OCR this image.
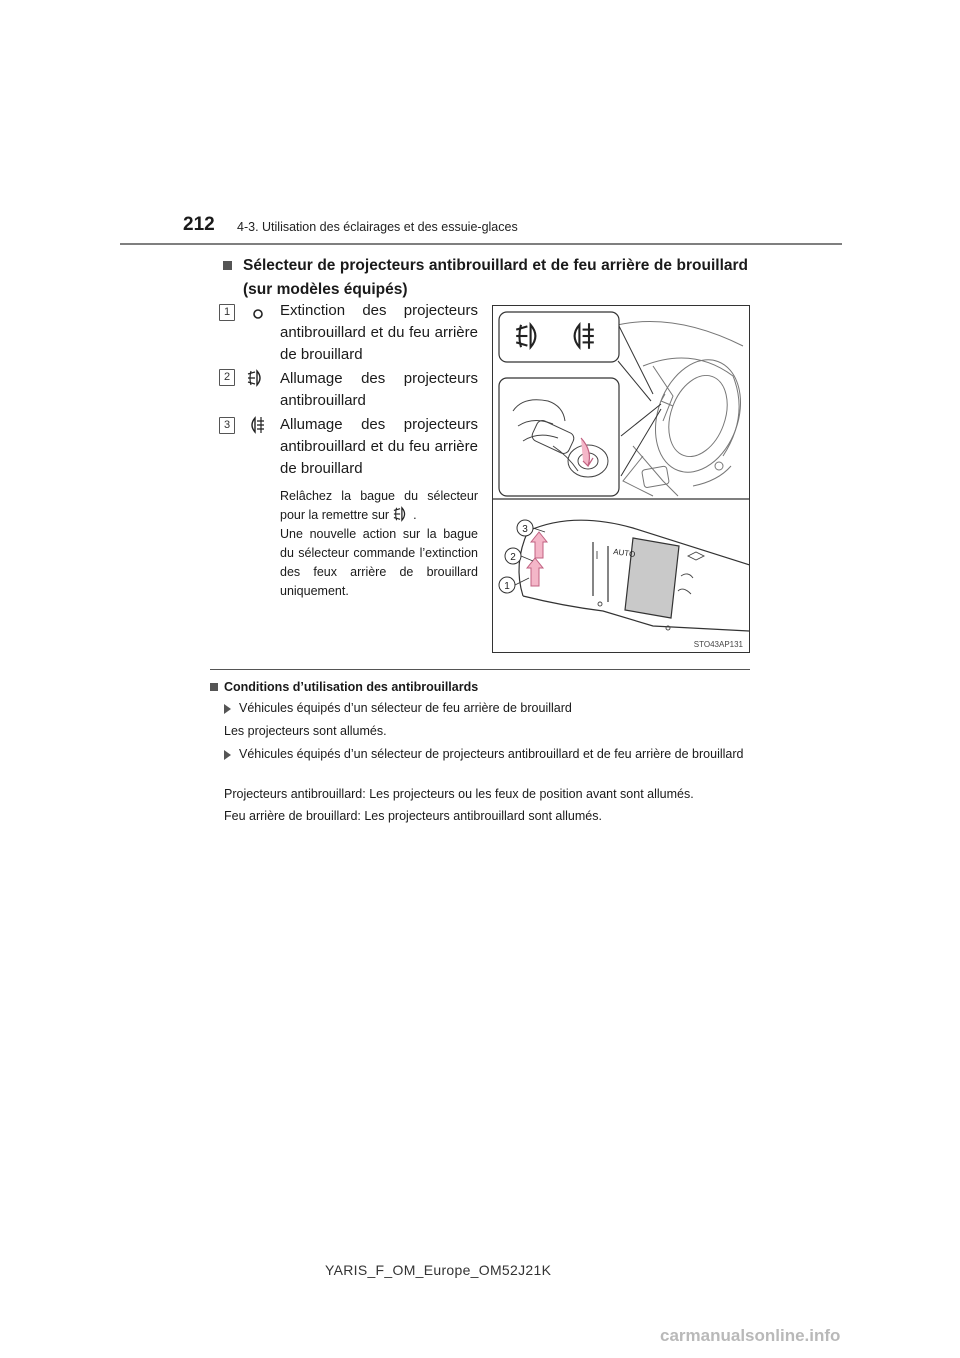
212 4-3. Utilisation des éclairages et des essuie-glaces
Sélecteur de projecteurs antibrouillard et de feu arrière de brouillard (sur modèles équipés)
1	Extinction des projecteurs antibrouillard et du feu arrière de brouillard
2	Allumage des projecteurs antibrouillard
3	Allumage des projecteurs antibrouillard et du feu arrière de brouillard

Relâchez la bague du sélecteur pour la remettre sur .

Une nouvelle action sur la bague du sélecteur commande l’extinction des feux arrière de brouillard uniquement.

AUTO
3
2
1
STO43AP131
Conditions d’utilisation des antibrouillards
Véhicules équipés d’un sélecteur de feu arrière de brouillard
Les projecteurs sont allumés.
Véhicules équipés d’un sélecteur de projecteurs antibrouillard et de feu arrière de brouillard
Projecteurs antibrouillard: Les projecteurs ou les feux de position avant sont allumés.
Feu arrière de brouillard: Les projecteurs antibrouillard sont allumés.
YARIS_F_OM_Europe_OM52J21K
carmanualsonline.info
